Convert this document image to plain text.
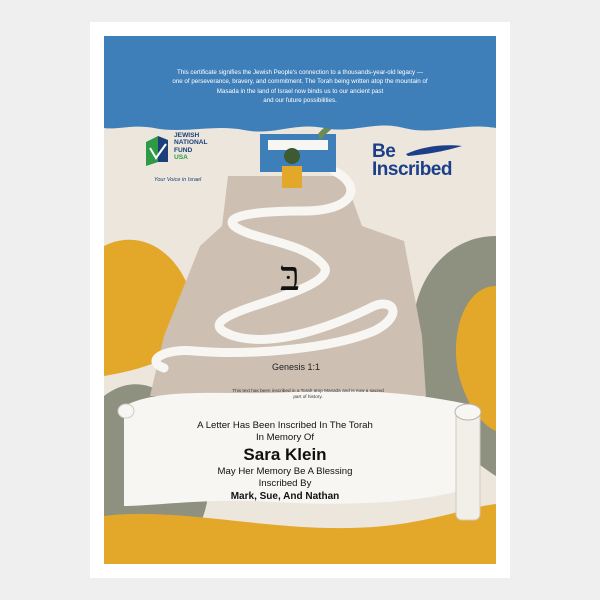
This certificate signifies the Jewish People's connection to a thousands-year-old legacy —
one of perseverance, bravery, and commitment. The Torah being written atop the mountain of
Masada in the land of Israel now binds us to our ancient past
and our future possibilities.
JEWISH
NATIONAL
FUND
USA
Your Voice in Israel
Be
Inscribed
בּ
Genesis 1:1
This text has been inscribed in a Torah atop Masada and is now a sacred part of history.
A Letter Has Been Inscribed In The Torah
In Memory Of
Sara Klein
May Her Memory Be A Blessing
Inscribed By
Mark, Sue, And Nathan
